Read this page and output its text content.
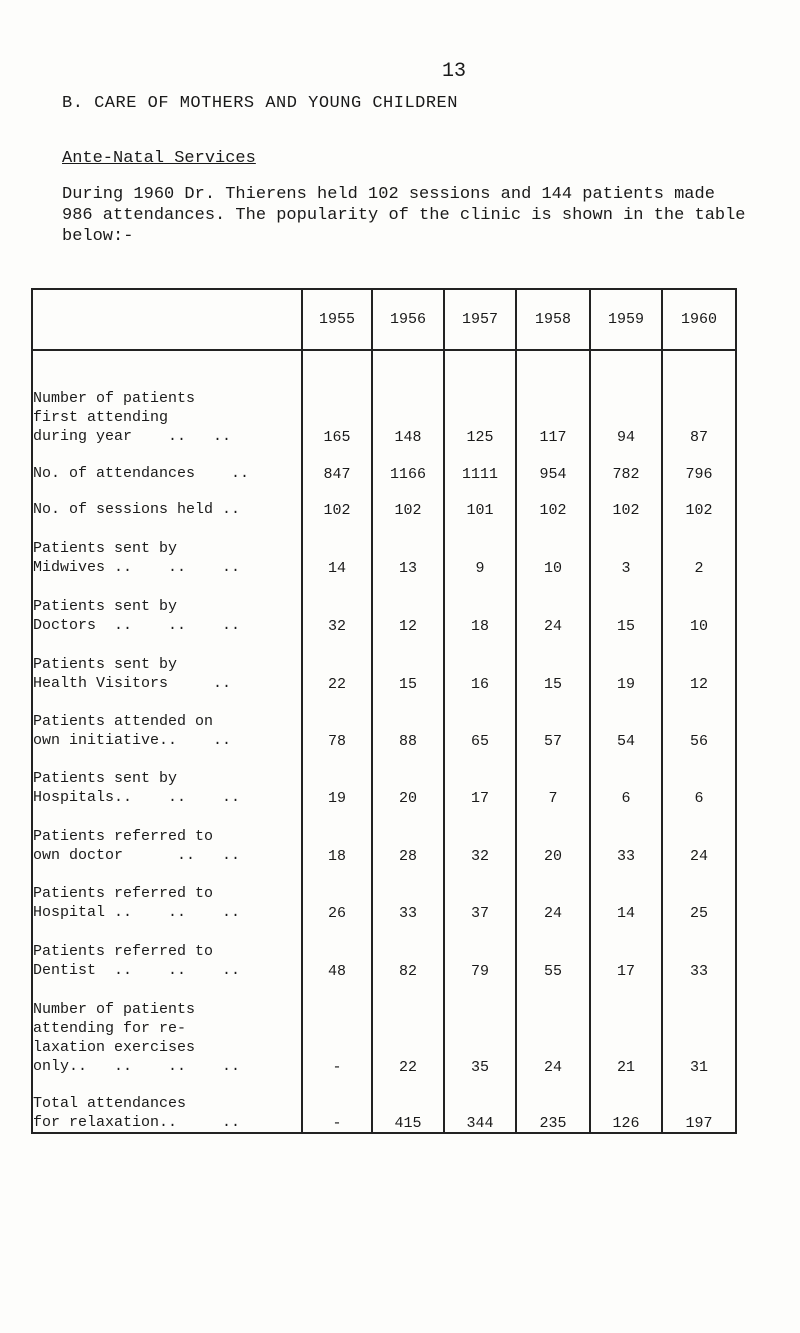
13
B. CARE OF MOTHERS AND YOUNG CHILDREN
Ante-Natal Services

During 1960 Dr. Thierens held 102 sessions and 144 patients made

986 attendances. The popularity of the clinic is shown in the table

below:-

	1955	1956	1957	1958	1959	1960

Number of patients
first attending
during year    ..   ..	165	148	125	117	94	87

No. of attendances    ..	847	1166	1111	954	782	796

No. of sessions held ..	102	102	101	102	102	102

Patients sent by
Midwives ..    ..    ..	14	13	9	10	3	2

Patients sent by
Doctors  ..    ..    ..	32	12	18	24	15	10

Patients sent by
Health Visitors     ..	22	15	16	15	19	12

Patients attended on
own initiative..    ..	78	88	65	57	54	56

Patients sent by
Hospitals..    ..    ..	19	20	17	7	6	6

Patients referred to
own doctor      ..   ..	18	28	32	20	33	24

Patients referred to
Hospital ..    ..    ..	26	33	37	24	14	25

Patients referred to
Dentist  ..    ..    ..	48	82	79	55	17	33

Number of patients
attending for re-
laxation exercises
only..   ..    ..    ..	-	22	35	24	21	31

Total attendances
for relaxation..     ..	-	415	344	235	126	197
